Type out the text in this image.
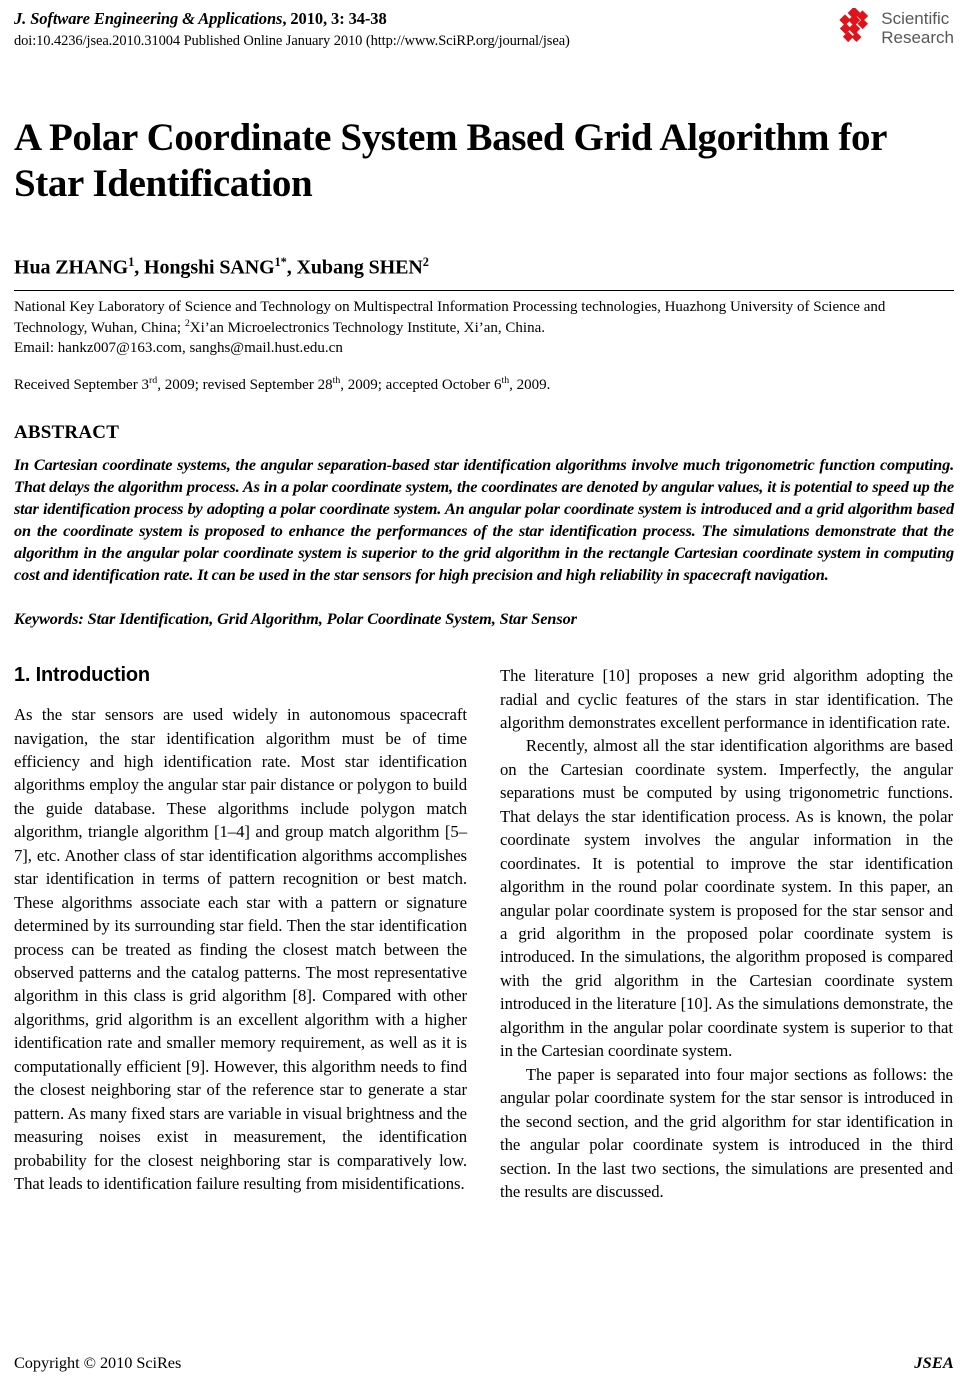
J. Software Engineering & Applications, 2010, 3: 34-38
doi:10.4236/jsea.2010.31004 Published Online January 2010 (http://www.SciRP.org/journal/jsea)
Scientific
Research
A Polar Coordinate System Based Grid Algorithm for Star Identification
Hua ZHANG$^1$, Hongshi $SANG^{1*}$, Xubang SHEN$^2$
National Key Laboratory of Science and Technology on Multispectral Information Processing technologies, Huazhong University of Science and Technology, Wuhan, China; $^2$Xi’an Microelectronics Technology Institute, Xi’an, China.
Email: hankz007@163.com, sanghs@mail.hust.edu.cn
Received September 3rd, 2009; revised September 28th, 2009; accepted October 6th, 2009.
ABSTRACT
In Cartesian coordinate systems, the angular separation-based star identification algorithms involve much trigonometric function computing. That delays the algorithm process. As in a polar coordinate system, the coordinates are denoted by angular values, it is potential to speed up the star identification process by adopting a polar coordinate system. An angular polar coordinate system is introduced and a grid algorithm based on the coordinate system is proposed to enhance the performances of the star identification process. The simulations demonstrate that the algorithm in the angular polar coordinate system is superior to the grid algorithm in the rectangle Cartesian coordinate system in computing cost and identification rate. It can be used in the star sensors for high precision and high reliability in spacecraft navigation.
Keywords: Star Identification, Grid Algorithm, Polar Coordinate System, Star Sensor
1. Introduction

As the star sensors are used widely in autonomous spacecraft navigation, the star identification algorithm must be of time efficiency and high identification rate. Most star identification algorithms employ the angular star pair distance or polygon to build the guide database. These algorithms include polygon match algorithm, triangle algorithm [1–4] and group match algorithm [5–7], etc. Another class of star identification algorithms accomplishes star identification in terms of pattern recognition or best match. These algorithms associate each star with a pattern or signature determined by its surrounding star field. Then the star identification process can be treated as finding the closest match between the observed patterns and the catalog patterns. The most representative algorithm in this class is grid algorithm [8]. Compared with other algorithms, grid algorithm is an excellent algorithm with a higher identification rate and smaller memory requirement, as well as it is computationally efficient [9]. However, this algorithm needs to find the closest neighboring star of the reference star to generate a star pattern. As many fixed stars are variable in visual brightness and the measuring noises exist in measurement, the identification probability for the closest neighboring star is comparatively low. That leads to identification failure resulting from misidentifications.

The literature [10] proposes a new grid algorithm adopting the radial and cyclic features of the stars in star identification. The algorithm demonstrates excellent performance in identification rate.

Recently, almost all the star identification algorithms are based on the Cartesian coordinate system. Imperfectly, the angular separations must be computed by using trigonometric functions. That delays the star identification process. As is known, the polar coordinate system involves the angular information in the coordinates. It is potential to improve the star identification algorithm in the round polar coordinate system. In this paper, an angular polar coordinate system is proposed for the star sensor and a grid algorithm in the proposed polar coordinate system is introduced. In the simulations, the algorithm proposed is compared with the grid algorithm in the Cartesian coordinate system introduced in the literature [10]. As the simulations demonstrate, the algorithm in the angular polar coordinate system is superior to that in the Cartesian coordinate system.

The paper is separated into four major sections as follows: the angular polar coordinate system for the star sensor is introduced in the second section, and the grid algorithm for star identification in the angular polar coordinate system is introduced in the third section. In the last two sections, the simulations are presented and the results are discussed.

Copyright © 2010 SciRes	JSEA
